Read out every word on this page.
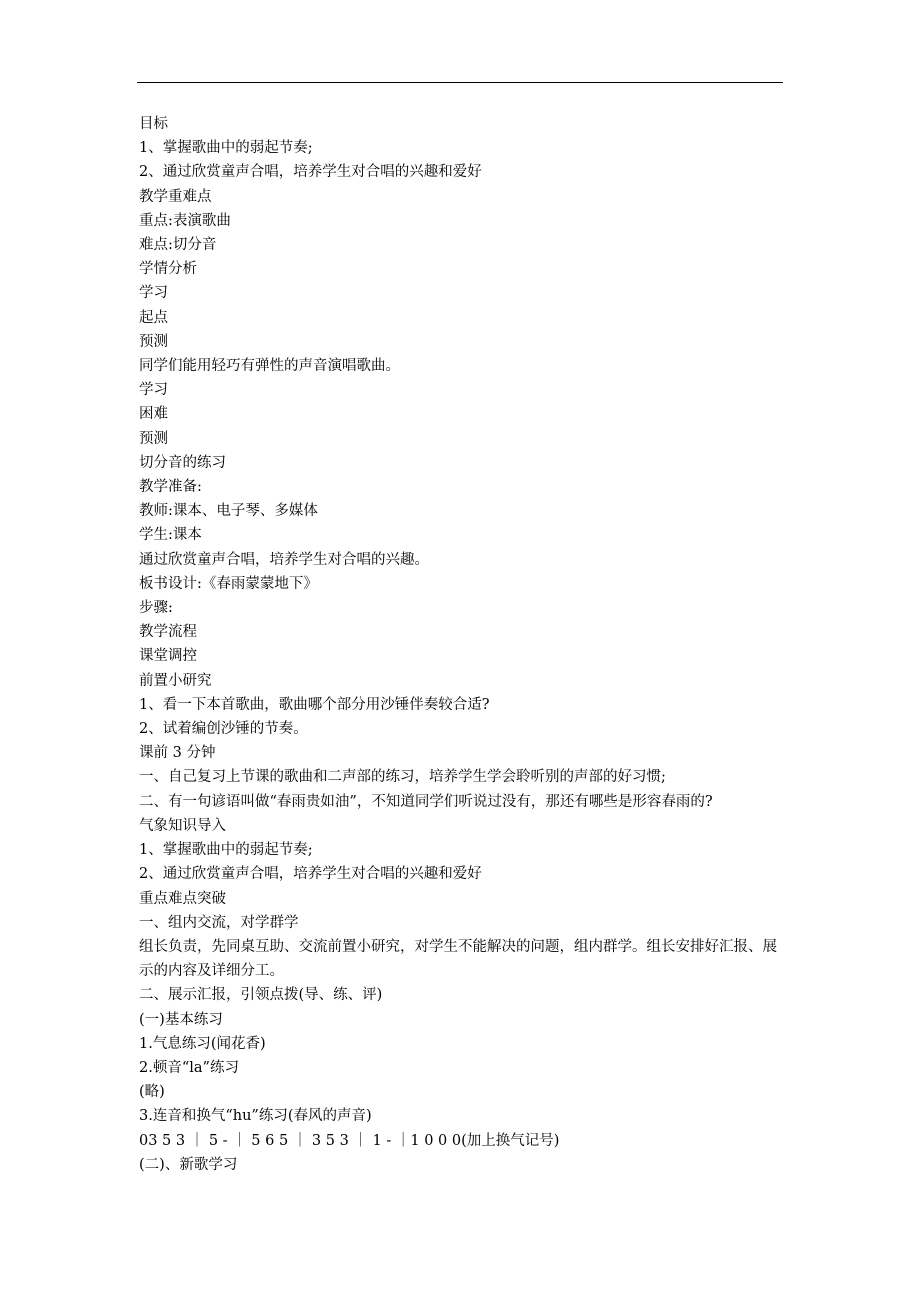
目标
1、掌握歌曲中的弱起节奏;
2、通过欣赏童声合唱，培养学生对合唱的兴趣和爱好
教学重难点
重点:表演歌曲
难点:切分音
学情分析
学习
起点
预测
同学们能用轻巧有弹性的声音演唱歌曲。
学习
困难
预测
切分音的练习
教学准备:
教师:课本、电子琴、多媒体
学生:课本
通过欣赏童声合唱，培养学生对合唱的兴趣。
板书设计:《春雨蒙蒙地下》
步骤:
教学流程
课堂调控
前置小研究
1、看一下本首歌曲，歌曲哪个部分用沙锤伴奏较合适?
2、试着编创沙锤的节奏。
课前 3 分钟
一、自己复习上节课的歌曲和二声部的练习，培养学生学会聆听别的声部的好习惯;
二、有一句谚语叫做“春雨贵如油”，不知道同学们听说过没有，那还有哪些是形容春雨的?
气象知识导入
1、掌握歌曲中的弱起节奏;
2、通过欣赏童声合唱，培养学生对合唱的兴趣和爱好
重点难点突破
一、组内交流，对学群学
组长负责，先同桌互助、交流前置小研究，对学生不能解决的问题，组内群学。组长安排好汇报、展示的内容及详细分工。
二、展示汇报，引领点拨(导、练、评)
(一)基本练习
1.气息练习(闻花香)
2.顿音“la”练习
(略)
3.连音和换气“hu”练习(春风的声音)
03 5 3 ｜ 5 - ｜ 5 6 5 ｜ 3 5 3 ｜ 1 - ｜1 0 0 0(加上换气记号)
(二)、新歌学习
